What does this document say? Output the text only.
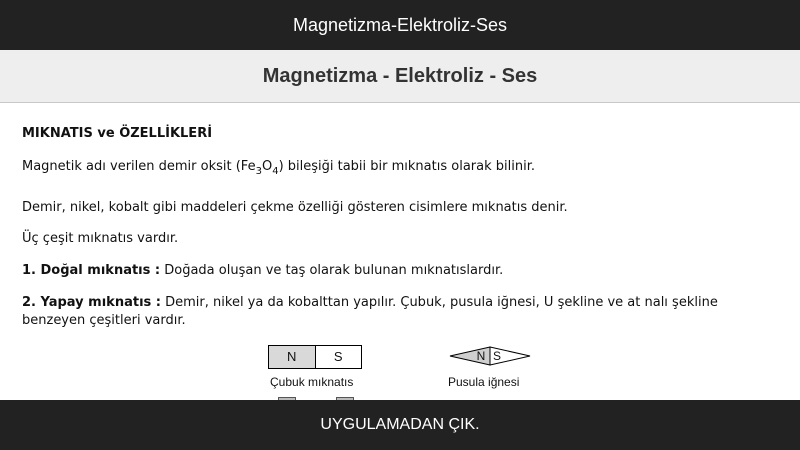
Magnetizma-Elektroliz-Ses
Magnetizma - Elektroliz - Ses
MIKNATIS ve ÖZELLİKLERİ
Magnetik adı verilen demir oksit $(Fe_3O_4)$ bileşiği tabii bir mıknatıs olarak bilinir.
Demir, nikel, kobalt gibi maddeleri çekme özelliği gösteren cisimlere mıknatıs denir.
Üç çeşit mıknatıs vardır.
1. Doğal mıknatıs : Doğada oluşan ve taş olarak bulunan mıknatıslardır.
2. Yapay mıknatıs : Demir, nikel ya da kobalttan yapılır. Çubuk, pusula iğnesi, U şekline ve at nalı şekline benzeyen çeşitleri vardır.
N	S
Çubuk mıknatıs
N S
Pusula iğnesi
UYGULAMADAN ÇIK.
